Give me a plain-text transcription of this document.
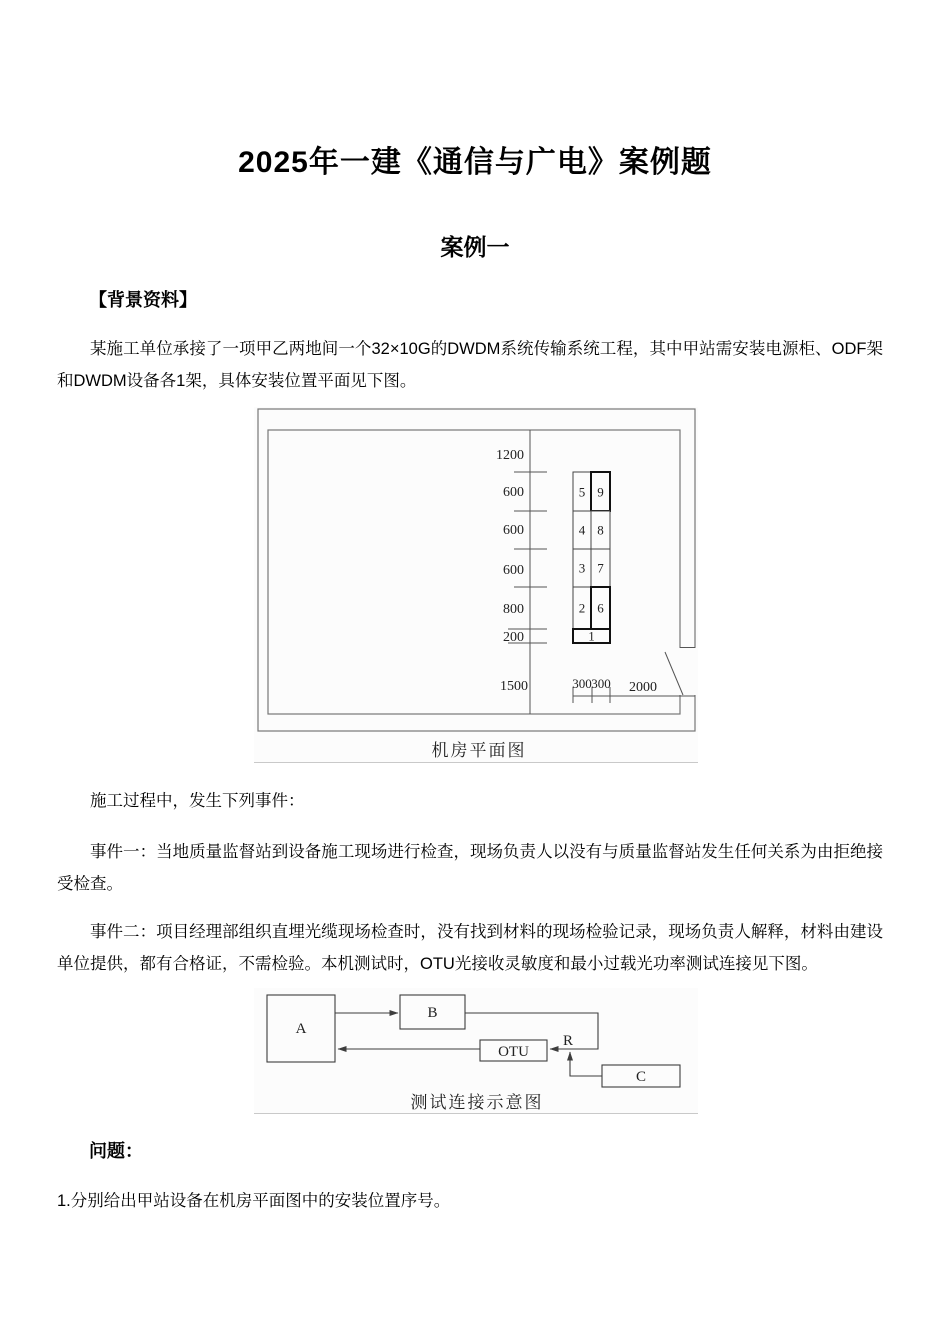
2025年一建《通信与广电》案例题
案例一
【背景资料】

某施工单位承接了一项甲乙两地间一个32×10G的DWDM系统传输系统工程，其中甲站需安装电源柜、ODF架和DWDM设备各1架，具体安装位置平面见下图。

1200
600
600
600
800
200
1500
5 9
4 8
3 7
2 6
1
300 300 2000
机房平面图

施工过程中，发生下列事件：

事件一：当地质量监督站到设备施工现场进行检查，现场负责人以没有与质量监督站发生任何关系为由拒绝接受检查。

事件二：项目经理部组织直埋光缆现场检查时，没有找到材料的现场检验记录，现场负责人解释，材料由建设单位提供，都有合格证，不需检验。本机测试时，OTU光接收灵敏度和最小过载光功率测试连接见下图。

A
B
OTU
C
R
测试连接示意图
问题：

1.分别给出甲站设备在机房平面图中的安装位置序号。
